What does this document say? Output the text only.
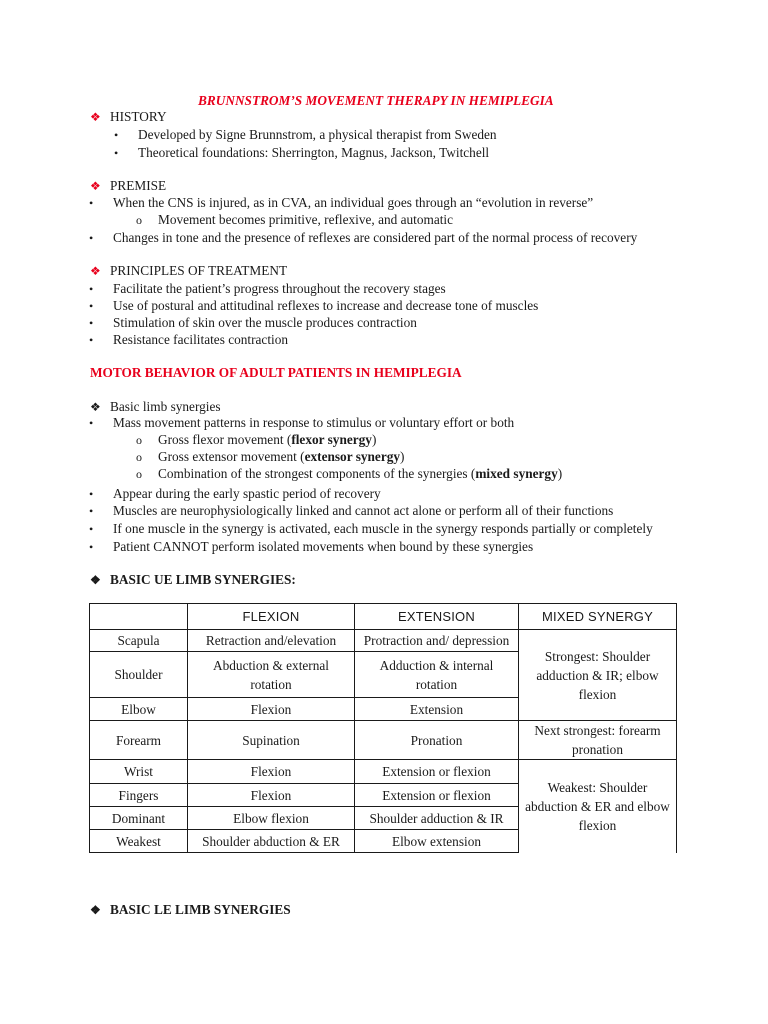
BRUNNSTROM’S MOVEMENT THERAPY IN HEMIPLEGIA
❖ HISTORY
• Developed by Signe Brunnstrom, a physical therapist from Sweden
• Theoretical foundations: Sherrington, Magnus, Jackson, Twitchell
❖ PREMISE
• When the CNS is injured, as in CVA, an individual goes through an “evolution in reverse”
o Movement becomes primitive, reflexive, and automatic
• Changes in tone and the presence of reflexes are considered part of the normal process of recovery
❖ PRINCIPLES OF TREATMENT
• Facilitate the patient’s progress throughout the recovery stages
• Use of postural and attitudinal reflexes to increase and decrease tone of muscles
• Stimulation of skin over the muscle produces contraction
• Resistance facilitates contraction
MOTOR BEHAVIOR OF ADULT PATIENTS IN HEMIPLEGIA
❖ Basic limb synergies
• Mass movement patterns in response to stimulus or voluntary effort or both
o Gross flexor movement (flexor synergy)
o Gross extensor movement (extensor synergy)
o Combination of the strongest components of the synergies (mixed synergy)
• Appear during the early spastic period of recovery
• Muscles are neurophysiologically linked and cannot act alone or perform all of their functions
• If one muscle in the synergy is activated, each muscle in the synergy responds partially or completely
• Patient CANNOT perform isolated movements when bound by these synergies
❖ BASIC UE LIMB SYNERGIES:
	FLEXION	EXTENSION	MIXED SYNERGY
Scapula	Retraction and/elevation	Protraction and/ depression	Strongest: Shoulder adduction & IR; elbow flexion
Shoulder	Abduction & external rotation	Adduction & internal rotation	
Elbow	Flexion	Extension	
Forearm	Supination	Pronation	Next strongest: forearm pronation
Wrist	Flexion	Extension or flexion	Weakest: Shoulder abduction & ER and elbow flexion
Fingers	Flexion	Extension or flexion	
Dominant	Elbow flexion	Shoulder adduction & IR	
Weakest	Shoulder abduction & ER	Elbow extension	
❖ BASIC LE LIMB SYNERGIES
